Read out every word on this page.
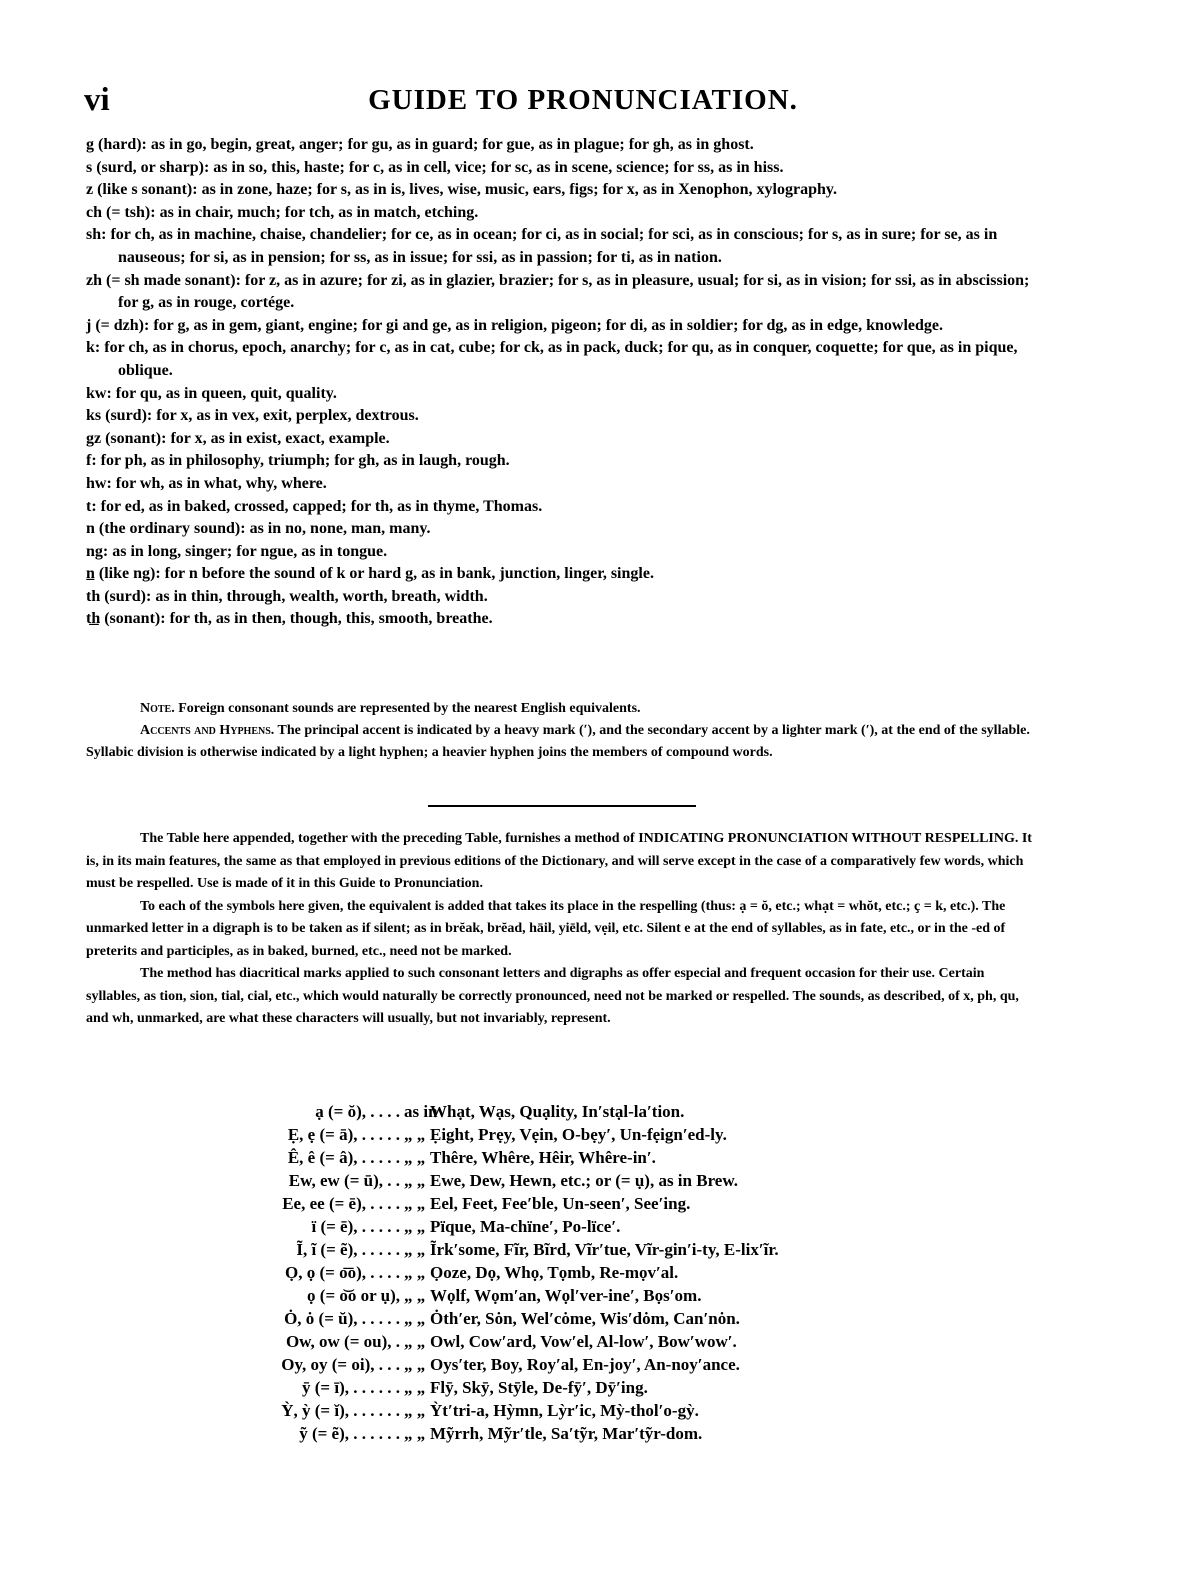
vi	GUIDE TO PRONUNCIATION.

g (hard): as in go, begin, great, anger; for gu, as in guard; for gue, as in plague; for gh, as in ghost.

s (surd, or sharp): as in so, this, haste; for c, as in cell, vice; for sc, as in scene, science; for ss, as in hiss.

z (like s sonant): as in zone, haze; for s, as in is, lives, wise, music, ears, figs; for x, as in Xenophon, xylography.

ch (= tsh): as in chair, much; for tch, as in match, etching.

sh: for ch, as in machine, chaise, chandelier; for ce, as in ocean; for ci, as in social; for sci, as in conscious; for s, as in sure; for se, as in nauseous; for si, as in pension; for ss, as in issue; for ssi, as in passion; for ti, as in nation.

zh (= sh made sonant): for z, as in azure; for zi, as in glazier, brazier; for s, as in pleasure, usual; for si, as in vision; for ssi, as in abscission; for g, as in rouge, cortége.

j (= dzh): for g, as in gem, giant, engine; for gi and ge, as in religion, pigeon; for di, as in soldier; for dg, as in edge, knowledge.

k: for ch, as in chorus, epoch, anarchy; for c, as in cat, cube; for ck, as in pack, duck; for qu, as in conquer, coquette; for que, as in pique, oblique.

kw: for qu, as in queen, quit, quality.

ks (surd): for x, as in vex, exit, perplex, dextrous.

gz (sonant): for x, as in exist, exact, example.

f: for ph, as in philosophy, triumph; for gh, as in laugh, rough.

hw: for wh, as in what, why, where.

t: for ed, as in baked, crossed, capped; for th, as in thyme, Thomas.

n (the ordinary sound): as in no, none, man, many.

ng: as in long, singer; for ngue, as in tongue.

n̲ (like ng): for n before the sound of k or hard g, as in bank, junction, linger, single.

th (surd): as in thin, through, wealth, worth, breath, width.

t͟h (sonant): for th, as in then, though, this, smooth, breathe.

Note. Foreign consonant sounds are represented by the nearest English equivalents.

Accents and Hyphens. The principal accent is indicated by a heavy mark (ʹ), and the secondary accent by a lighter mark (′), at the end of the syllable. Syllabic division is otherwise indicated by a light hyphen; a heavier hyphen joins the members of compound words.

The Table here appended, together with the preceding Table, furnishes a method of INDICATING PRONUNCIATION WITHOUT RESPELLING. It is, in its main features, the same as that employed in previous editions of the Dictionary, and will serve except in the case of a comparatively few words, which must be respelled. Use is made of it in this Guide to Pronunciation.

To each of the symbols here given, the equivalent is added that takes its place in the respelling (thus: ạ = ŏ, etc.; whạt = whŏt, etc.; ҫ = k, etc.). The unmarked letter in a digraph is to be taken as if silent; as in brĕak, brĕad, hāil, yiēld, vẹil, etc. Silent e at the end of syllables, as in fate, etc., or in the -ed of preterits and participles, as in baked, burned, etc., need not be marked.

The method has diacritical marks applied to such consonant letters and digraphs as offer especial and frequent occasion for their use. Certain syllables, as tion, sion, tial, cial, etc., which would naturally be correctly pronounced, need not be marked or respelled. The sounds, as described, of x, ph, qu, and wh, unmarked, are what these characters will usually, but not invariably, represent.

ạ (= ŏ), . . . . as in
Whạt, Wạs, Quạlity, In′stạl-la′tion.
Ẹ, ẹ (= ā), . . . . . „ „ Ẹight, Prẹy, Vẹin, O-bẹy′, Un-fẹign′ed-ly.
Ê, ê (= â), . . . . . „ „ Thêre, Whêre, Hêir, Whêre-in′.
Ew, ew (= ū), . . „ „ Ewe, Dew, Hewn, etc.; or (= ụ), as in Brew.
Ee, ee (= ē), . . . . „ „ Eel, Feet, Fee′ble, Un-seen′, See′ing.
ï (= ē), . . . . . „ „ Pïque, Ma-chïne′, Po-lïce′.
Ĩ, ĩ (= ẽ), . . . . . „ „ Ĩrk′some, Fĩr, Bĩrd, Vĩr′tue, Vĩr-gin′i-ty, E-lix′ĩr.
Ọ, ọ (= o͞o), . . . . „ „ Ọoze, Dọ, Whọ, Tọmb, Re-mọv′al.
ọ (= o͝o or ụ), „ „ Wọlf, Wọm′an, Wọl′ver-ine′, Bọs′om.
Ȯ, ȯ (= ŭ), . . . . . „ „ Ȯth′er, Sȯn, Wel′cȯme, Wis′dȯm, Can′nȯn.
Ow, ow (= ou), . „ „ Owl, Cow′ard, Vow′el, Al-low′, Bow′wow′.
Oy, oy (= oi), . . . „ „ Oys′ter, Boy, Roy′al, En-joy′, An-noy′ance.
ȳ (= ī), . . . . . . „ „ Flȳ, Skȳ, Stȳle, De-fȳ′, Dȳ′ing.
Ỳ, ỳ (= ĭ), . . . . . . „ „ Ỳt′tri-a, Hỳmn, Lỳr′ic, Mỳ-thol′o-gỳ.
ỹ (= ẽ), . . . . . . „ „ Mỹrrh, Mỹr′tle, Sa′tỹr, Mar′tỹr-dom.
